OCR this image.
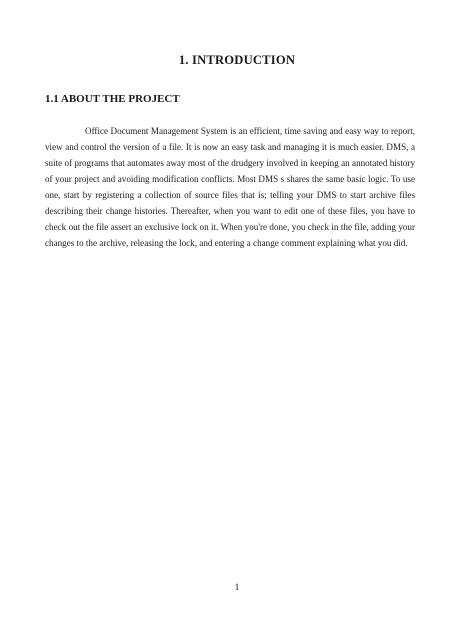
1. INTRODUCTION
1.1 ABOUT THE PROJECT

Office Document Management System is an efficient, time saving and easy way to report, view and control the version of a file. It is now an easy task and managing it is much easier. DMS, a suite of programs that automates away most of the drudgery involved in keeping an annotated history of your project and avoiding modification conflicts. Most DMS s shares the same basic logic. To use one, start by registering a collection of source files that is; telling your DMS to start archive files describing their change histories. Thereafter, when you want to edit one of these files, you have to check out the file assert an exclusive lock on it. When you're done, you check in the file, adding your changes to the archive, releasing the lock, and entering a change comment explaining what you did.

1
